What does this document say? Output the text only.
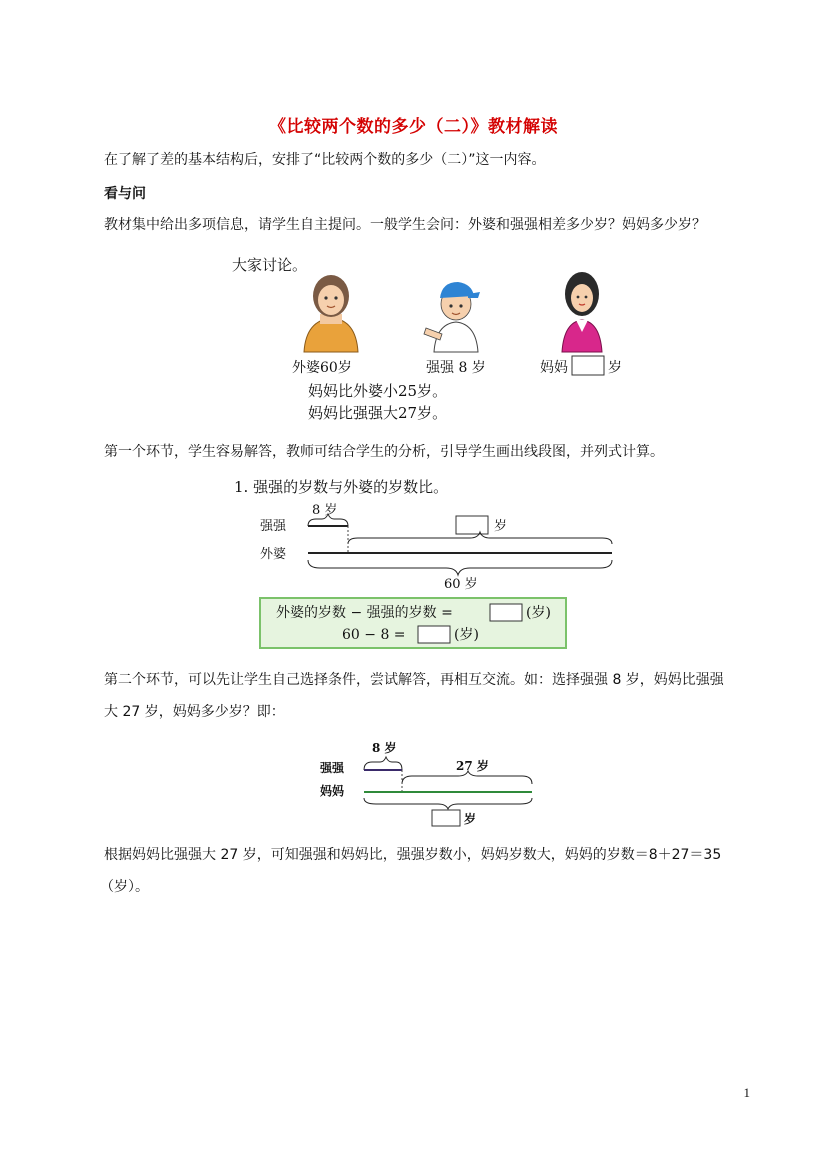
《比较两个数的多少（二）》教材解读
在了解了差的基本结构后，安排了“比较两个数的多少（二）”这一内容。
看与问
教材集中给出多项信息，请学生自主提问。一般学生会问：外婆和强强相差多少岁？妈妈多少岁？
大家讨论。
外婆60岁	强强 8 岁	妈妈	岁
妈妈比外婆小25岁。
妈妈比强强大27岁。
第一个环节，学生容易解答，教师可结合学生的分析，引导学生画出线段图，并列式计算。
1. 强强的岁数与外婆的岁数比。
8 岁
岁
强强
外婆
60 岁
外婆的岁数 − 强强的岁数 =	(岁)
60 − 8 =	(岁)
第二个环节，可以先让学生自己选择条件，尝试解答，再相互交流。如：选择强强 8 岁，妈妈比强强
大 27 岁，妈妈多少岁？即：
8 岁
27 岁
强强
妈妈
岁
根据妈妈比强强大 27 岁，可知强强和妈妈比，强强岁数小，妈妈岁数大，妈妈的岁数＝8＋27＝35
（岁）。
1
